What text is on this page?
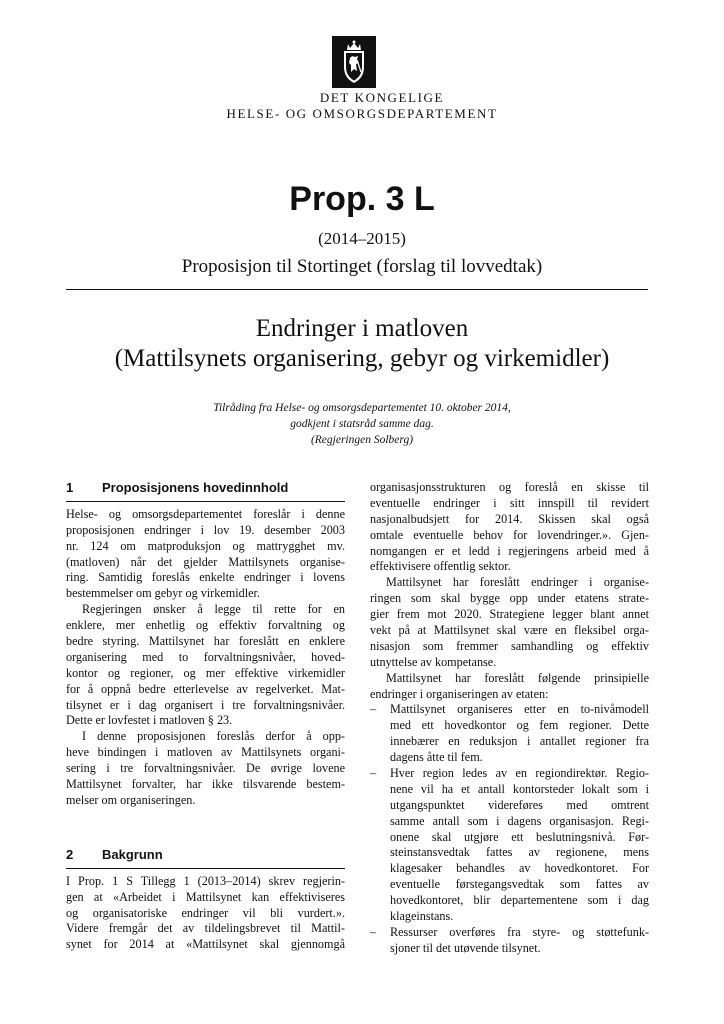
DET KONGELIGE
HELSE- OG OMSORGSDEPARTEMENT
Prop. 3 L
(2014–2015)
Proposisjon til Stortinget (forslag til lovvedtak)
Endringer i matloven
(Mattilsynets organisering, gebyr og virkemidler)
Tilråding fra Helse- og omsorgsdepartementet 10. oktober 2014,
godkjent i statsråd samme dag.
(Regjeringen Solberg)
1 Proposisjonens hovedinnhold
Helse- og omsorgsdepartementet foreslår i denne
proposisjonen endringer i lov 19. desember 2003
nr. 124 om matproduksjon og mattrygghet mv.
(matloven) når det gjelder Mattilsynets organise-
ring. Samtidig foreslås enkelte endringer i lovens
bestemmelser om gebyr og virkemidler.
Regjeringen ønsker å legge til rette for en
enklere, mer enhetlig og effektiv forvaltning og
bedre styring. Mattilsynet har foreslått en enklere
organisering med to forvaltningsnivåer, hoved-
kontor og regioner, og mer effektive virkemidler
for å oppnå bedre etterlevelse av regelverket. Mat-
tilsynet er i dag organisert i tre forvaltningsnivåer.
Dette er lovfestet i matloven § 23.
I denne proposisjonen foreslås derfor å opp-
heve bindingen i matloven av Mattilsynets organi-
sering i tre forvaltningsnivåer. De øvrige lovene
Mattilsynet forvalter, har ikke tilsvarende bestem-
melser om organiseringen.
2 Bakgrunn
I Prop. 1 S Tillegg 1 (2013–2014) skrev regjerin-
gen at «Arbeidet i Mattilsynet kan effektiviseres
og organisatoriske endringer vil bli vurdert.».
Videre fremgår det av tildelingsbrevet til Mattil-
synet for 2014 at «Mattilsynet skal gjennomgå
organisasjonsstrukturen og foreslå en skisse til
eventuelle endringer i sitt innspill til revidert
nasjonalbudsjett for 2014. Skissen skal også
omtale eventuelle behov for lovendringer.». Gjen-
nomgangen er et ledd i regjeringens arbeid med å
effektivisere offentlig sektor.
Mattilsynet har foreslått endringer i organise-
ringen som skal bygge opp under etatens strate-
gier frem mot 2020. Strategiene legger blant annet
vekt på at Mattilsynet skal være en fleksibel orga-
nisasjon som fremmer samhandling og effektiv
utnyttelse av kompetanse.
Mattilsynet har foreslått følgende prinsipielle
endringer i organiseringen av etaten:
– Mattilsynet organiseres etter en to-nivåmodell
med ett hovedkontor og fem regioner. Dette
innebærer en reduksjon i antallet regioner fra
dagens åtte til fem.
– Hver region ledes av en regiondirektør. Regio-
nene vil ha et antall kontorsteder lokalt som i
utgangspunktet videreføres med omtrent
samme antall som i dagens organisasjon. Regi-
onene skal utgjøre ett beslutningsnivå. Før-
steinstansvedtak fattes av regionene, mens
klagesaker behandles av hovedkontoret. For
eventuelle førstegangsvedtak som fattes av
hovedkontoret, blir departementene som i dag
klageinstans.
– Ressurser overføres fra styre- og støttefunk-
sjoner til det utøvende tilsynet.
